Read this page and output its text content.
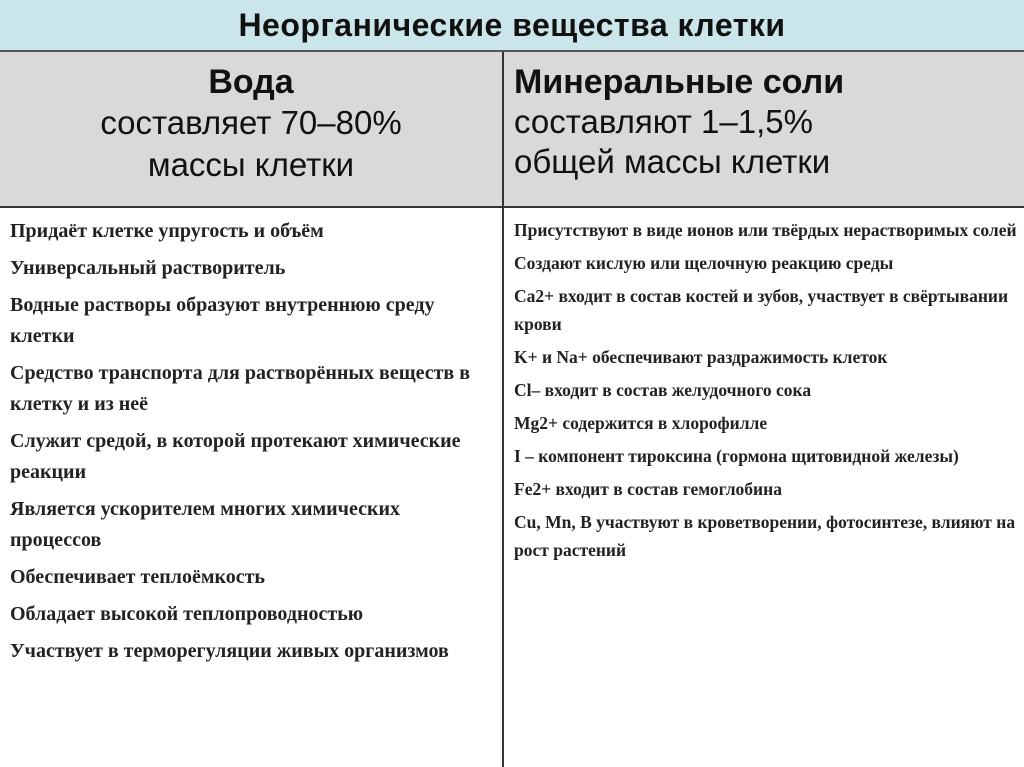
Неорганические вещества клетки
Вода
составляет 70–80%
массы клетки
Минеральные соли
составляют 1–1,5%
общей массы клетки
Придаёт клетке упругость и объём
Универсальный растворитель
Водные растворы образуют внутреннюю среду клетки
Средство транспорта для растворённых веществ в клетку и из неё
Служит средой, в которой протекают химические реакции
Является ускорителем многих химических процессов
Обеспечивает теплоёмкость
Обладает высокой теплопроводностью
Участвует в терморегуляции живых организмов
Присутствуют в виде ионов или твёрдых нерастворимых солей
Создают кислую или щелочную реакцию среды
Ca2+ входит в состав костей и зубов, участвует в свёртывании крови
K+ и Na+ обеспечивают раздражимость клеток
Cl– входит в состав желудочного сока
Mg2+ содержится в хлорофилле
I – компонент тироксина (гормона щитовидной железы)
Fe2+ входит в состав гемоглобина
Cu, Mn, B участвуют в кроветворении, фотосинтезе, влияют на рост растений
